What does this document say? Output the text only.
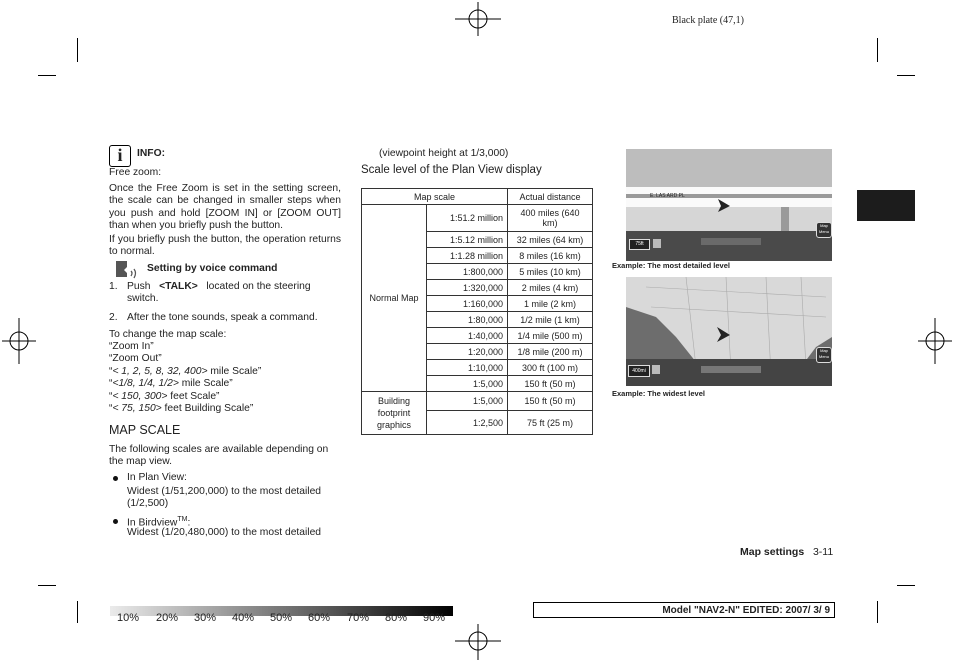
Black plate (47,1)
i	INFO:
Free zoom:
Once the Free Zoom is set in the setting screen, the scale can be changed in smaller steps when you push and hold [ZOOM IN] or [ZOOM OUT] than when you briefly push the button.
If you briefly push the button, the operation returns to normal.
Setting by voice command
1. Push <TALK> located on the steering switch.
2. After the tone sounds, speak a command.
To change the map scale:
“Zoom In”
“Zoom Out”
“< 1, 2, 5, 8, 32, 400> mile Scale”
“<1/8, 1/4, 1/2> mile Scale”
“< 150, 300> feet Scale”
“< 75, 150> feet Building Scale”
MAP SCALE
The following scales are available depending on the map view.
In Plan View:
Widest (1/51,200,000) to the most detailed (1/2,500)
In Birdview™:
Widest (1/20,480,000) to the most detailed
(viewpoint height at 1/3,000)
Scale level of the Plan View display
Map scale		Actual distance
Normal Map	1:51.2 million	400 miles (640 km)
	1:5.12 million	32 miles (64 km)
	1:1.28 million	8 miles (16 km)
	1:800,000	5 miles (10 km)
	1:320,000	2 miles (4 km)
	1:160,000	1 mile (2 km)
	1:80,000	1/2 mile (1 km)
	1:40,000	1/4 mile (500 m)
	1:20,000	1/8 mile (200 m)
	1:10,000	300 ft (100 m)
	1:5,000	150 ft (50 m)
Building footprint graphics	1:5,000	150 ft (50 m)
	1:2,500	75 ft (25 m)
E. LAS ARD PL
75ft
Map Menu
Example: The most detailed level
400mi
Map Menu
Example: The widest level
Map settings 3-11
10% 20% 30% 40% 50% 60% 70% 80% 90%
Model "NAV2-N" EDITED: 2007/ 3/ 9
